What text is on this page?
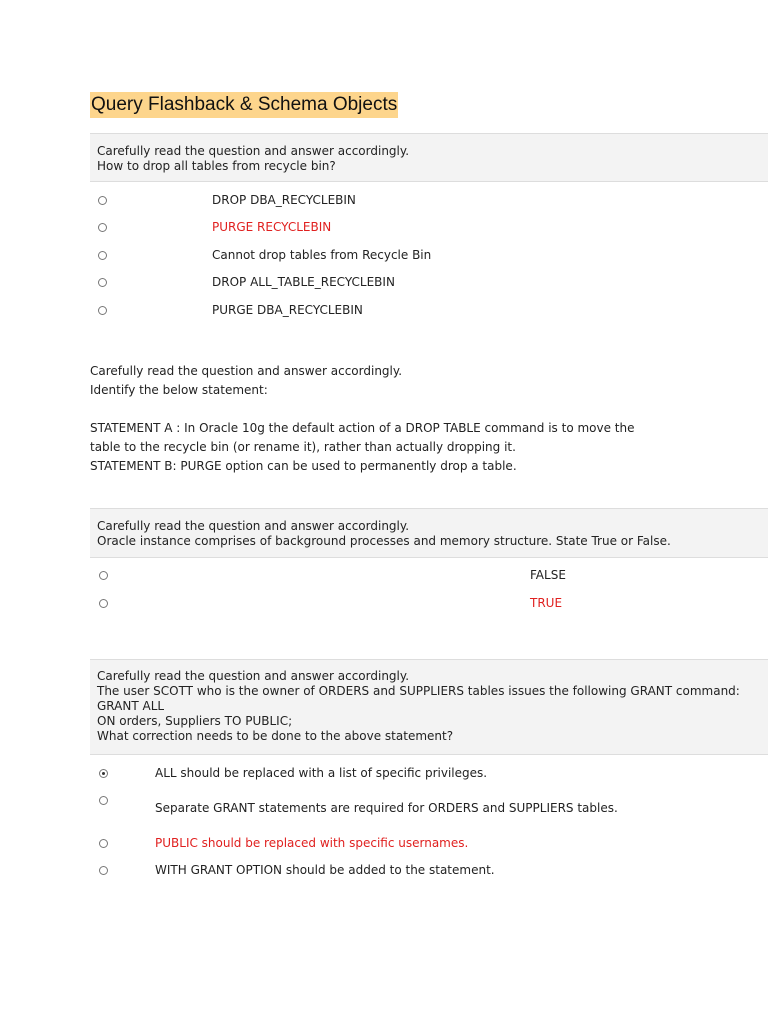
Query Flashback & Schema Objects
Carefully read the question and answer accordingly.
How to drop all tables from recycle bin?
DROP DBA_RECYCLEBIN
PURGE RECYCLEBIN
Cannot drop tables from Recycle Bin
DROP ALL_TABLE_RECYCLEBIN
PURGE DBA_RECYCLEBIN
Carefully read the question and answer accordingly.
Identify the below statement:
STATEMENT A : In Oracle 10g the default action of a DROP TABLE command is to move the
table to the recycle bin (or rename it), rather than actually dropping it.
STATEMENT B: PURGE option can be used to permanently drop a table.
Carefully read the question and answer accordingly.
Oracle instance comprises of background processes and memory structure. State True or False.
FALSE
TRUE
Carefully read the question and answer accordingly.
The user SCOTT who is the owner of ORDERS and SUPPLIERS tables issues the following GRANT command:
GRANT ALL
ON orders, Suppliers TO PUBLIC;
What correction needs to be done to the above statement?
ALL should be replaced with a list of specific privileges.
Separate GRANT statements are required for ORDERS and SUPPLIERS tables.
PUBLIC should be replaced with specific usernames.
WITH GRANT OPTION should be added to the statement.
